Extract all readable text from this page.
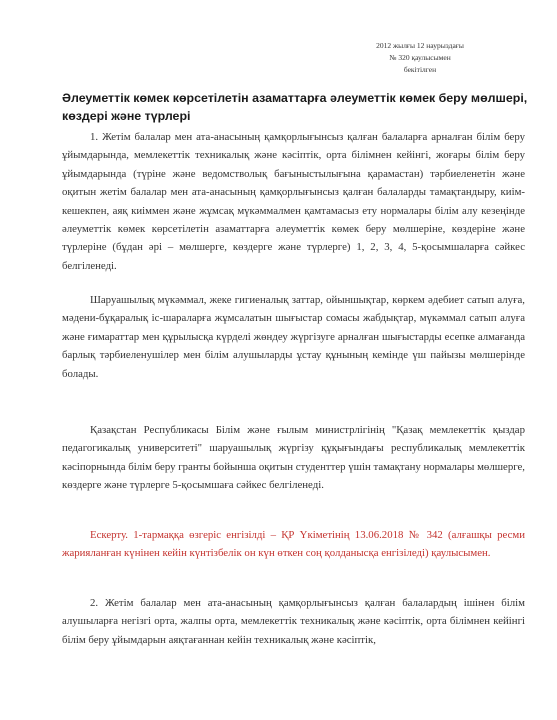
2012 жылғы 12 наурыздағы
№ 320 қаулысымен
бекітілген
Әлеуметтік көмек көрсетілетін азаматтарға әлеуметтік көмек беру мөлшері, көздері және түрлері
1. Жетім балалар мен ата-анасының қамқорлығынсыз қалған балаларға арналған білім беру ұйымдарында, мемлекеттік техникалық және кәсіптік, орта білімнен кейінгі, жоғары білім беру ұйымдарында (түріне және ведомстволық бағыныстылығына қарамастан) тәрбиеленетін және оқитын жетім балалар мен ата-анасының қамқорлығынсыз қалған балаларды тамақтандыру, киім-кешекпен, аяқ киіммен және жұмсақ мүкәммалмен қамтамасыз ету нормалары білім алу кезеңінде әлеуметтік көмек көрсетілетін азаматтарға әлеуметтік көмек беру мөлшеріне, көздеріне және түрлеріне (бұдан әрі – мөлшерге, көздерге және түрлерге) 1, 2, 3, 4, 5-қосымшаларға сәйкес белгіленеді.
Шаруашылық мүкәммал, жеке гигиеналық заттар, ойыншықтар, көркем әдебиет сатып алуға, мәдени-бұқаралық іс-шараларға жұмсалатын шығыстар сомасы жабдықтар, мүкәммал сатып алуға және ғимараттар мен құрылысқа күрделі жөндеу жүргізуге арналған шығыстарды есепке алмағанда барлық тәрбиеленушілер мен білім алушыларды ұстау құнының кемінде үш пайызы мөлшерінде болады.
Қазақстан Республикасы Білім және ғылым министрлігінің "Қазақ мемлекеттік қыздар педагогикалық университеті" шаруашылық жүргізу құқығындағы республикалық мемлекеттік кәсіпорнында білім беру гранты бойынша оқитын студенттер үшін тамақтану нормалары мөлшерге, көздерге және түрлерге 5-қосымшаға сәйкес белгіленеді.
Ескерту. 1-тармаққа өзгеріс енгізілді – ҚР Үкіметінің 13.06.2018 № 342 (алғашқы ресми жарияланған күнінен кейін күнтізбелік он күн өткен соң қолданысқа енгізіледі) қаулысымен.
2. Жетім балалар мен ата-анасының қамқорлығынсыз қалған балалардың ішінен білім алушыларға негізгі орта, жалпы орта, мемлекеттік техникалық және кәсіптік, орта білімнен кейінгі білім беру ұйымдарын аяқтағаннан кейін техникалық және кәсіптік,
